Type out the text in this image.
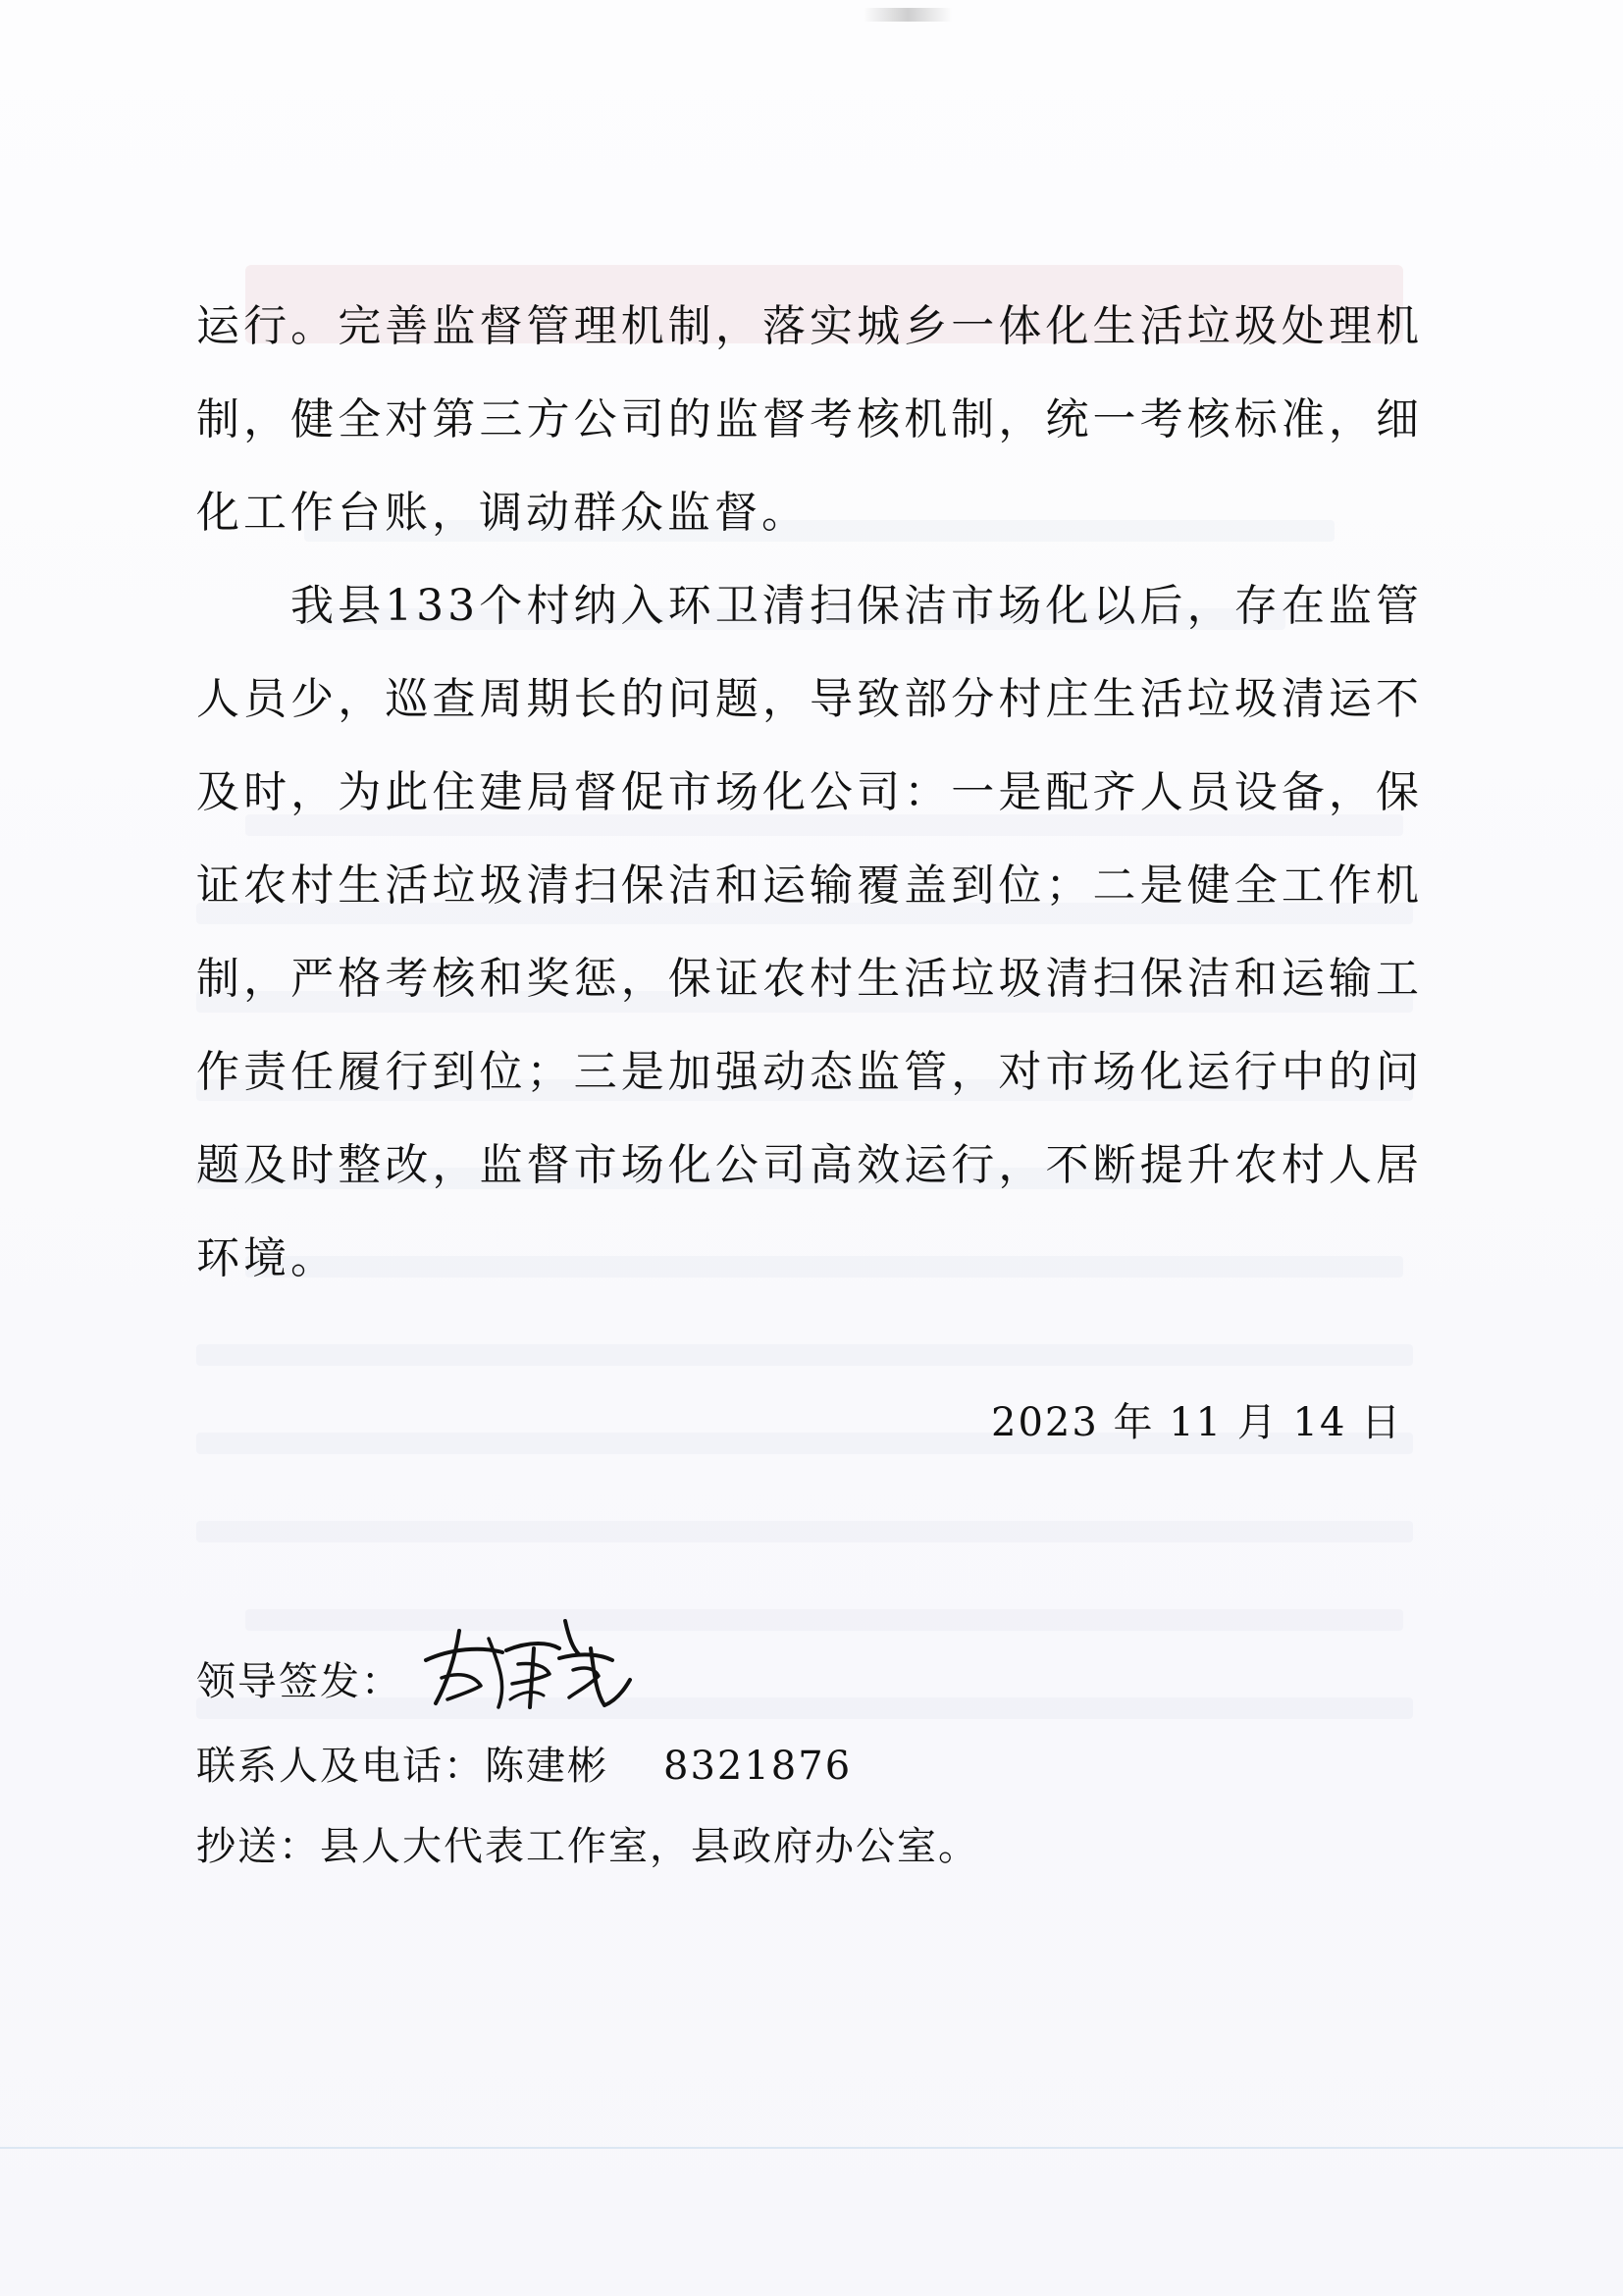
运行。完善监督管理机制，落实城乡一体化生活垃圾处理机制，健全对第三方公司的监督考核机制，统一考核标准，细化工作台账，调动群众监督。

我县133个村纳入环卫清扫保洁市场化以后，存在监管人员少，巡查周期长的问题，导致部分村庄生活垃圾清运不及时，为此住建局督促市场化公司：一是配齐人员设备，保证农村生活垃圾清扫保洁和运输覆盖到位；二是健全工作机制，严格考核和奖惩，保证农村生活垃圾清扫保洁和运输工作责任履行到位；三是加强动态监管，对市场化运行中的问题及时整改，监督市场化公司高效运行，不断提升农村人居环境。

2023 年 11 月 14 日
领导签发：
联系人及电话：陈建彬 8321876
抄送：县人大代表工作室，县政府办公室。
